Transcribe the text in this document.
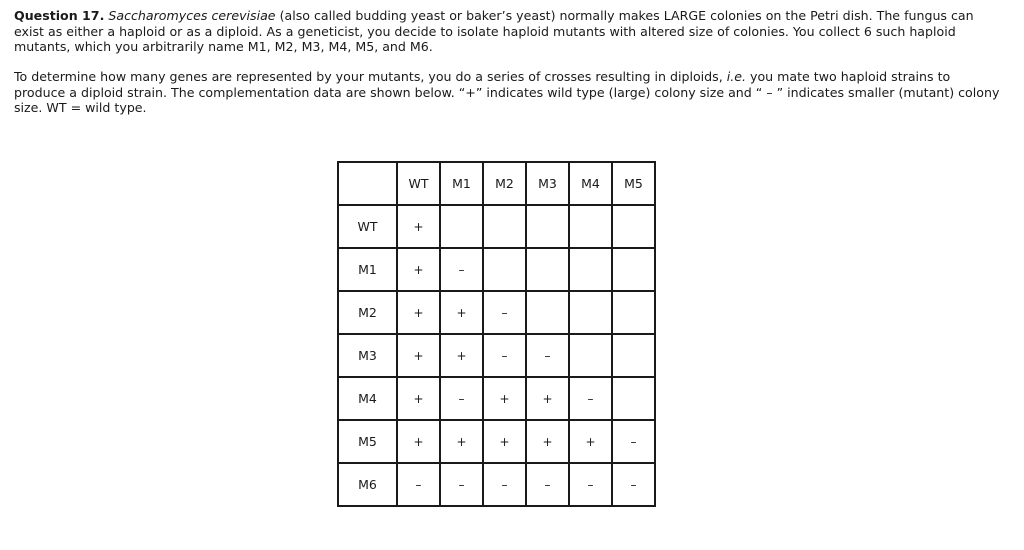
Question 17. Saccharomyces cerevisiae (also called budding yeast or baker’s yeast) normally makes LARGE colonies on the Petri dish. The fungus can exist as either a haploid or as a diploid. As a geneticist, you decide to isolate haploid mutants with altered size of colonies. You collect 6 such haploid mutants, which you arbitrarily name M1, M2, M3, M4, M5, and M6.

To determine how many genes are represented by your mutants, you do a series of crosses resulting in diploids, i.e. you mate two haploid strains to produce a diploid strain. The complementation data are shown below. “+” indicates wild type (large) colony size and “ – ” indicates smaller (mutant) colony size. WT = wild type.

	WT	M1	M2	M3	M4	M5
WT	+					
M1	+	–				
M2	+	+	–			
M3	+	+	–	–		
M4	+	–	+	+	–	
M5	+	+	+	+	+	–
M6	–	–	–	–	–	–
